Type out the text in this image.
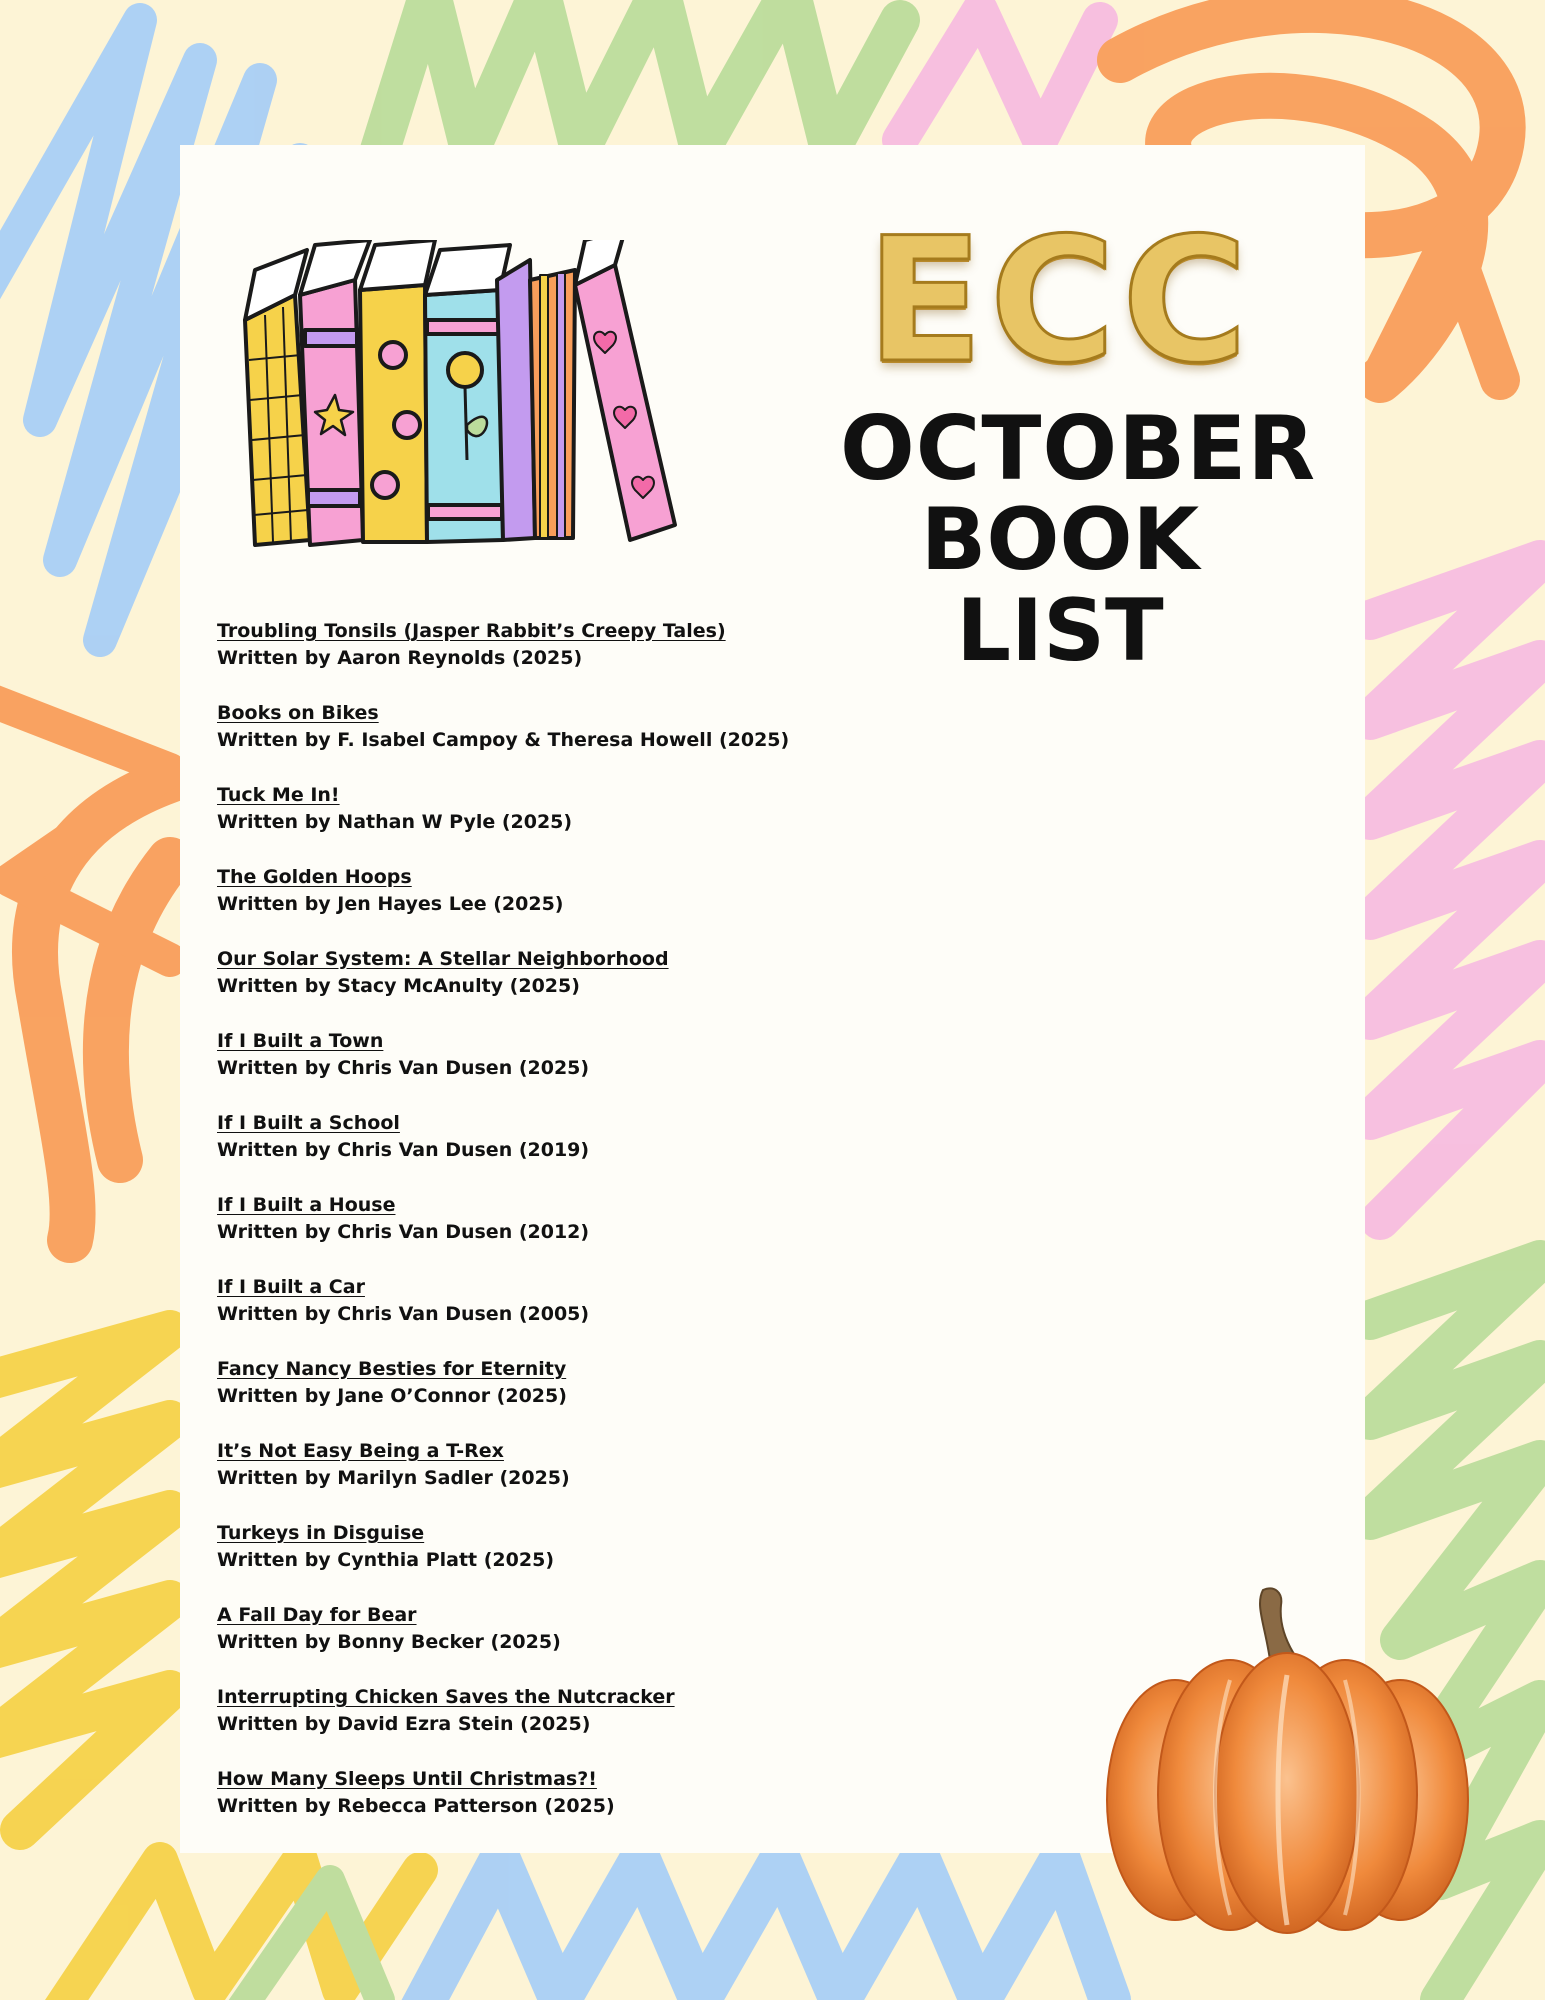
ECC
OCTOBER
BOOK LIST
Troubling Tonsils (Jasper Rabbit’s Creepy Tales)
Written by Aaron Reynolds (2025)
Books on Bikes
Written by F. Isabel Campoy & Theresa Howell (2025)
Tuck Me In!
Written by Nathan W Pyle (2025)
The Golden Hoops
Written by Jen Hayes Lee (2025)
Our Solar System: A Stellar Neighborhood
Written by Stacy McAnulty (2025)
If I Built a Town
Written by Chris Van Dusen (2025)
If I Built a School
Written by Chris Van Dusen (2019)
If I Built a House
Written by Chris Van Dusen (2012)
If I Built a Car
Written by Chris Van Dusen (2005)
Fancy Nancy Besties for Eternity
Written by Jane O’Connor (2025)
It’s Not Easy Being a T-Rex
Written by Marilyn Sadler (2025)
Turkeys in Disguise
Written by Cynthia Platt (2025)
A Fall Day for Bear
Written by Bonny Becker (2025)
Interrupting Chicken Saves the Nutcracker
Written by David Ezra Stein (2025)
How Many Sleeps Until Christmas?!
Written by Rebecca Patterson (2025)
